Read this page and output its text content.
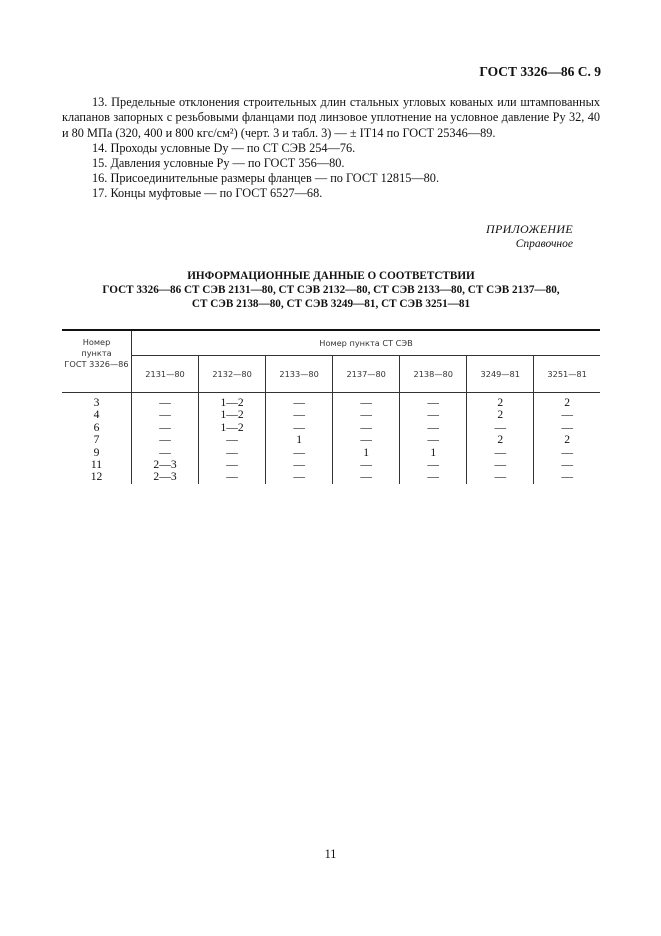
ГОСТ 3326—86 С. 9
13. Предельные отклонения строительных длин стальных угловых кованых или штампованных клапанов запорных с резьбовыми фланцами под линзовое уплотнение на условное давление Pу 32, 40 и 80 МПа (320, 400 и 800 кгс/см²) (черт. 3 и табл. 3) — ± IT14 по ГОСТ 25346—89.
14. Проходы условные Dу — по СТ СЭВ 254—76.
15. Давления условные Pу — по ГОСТ 356—80.
16. Присоединительные размеры фланцев — по ГОСТ 12815—80.
17. Концы муфтовые — по ГОСТ 6527—68.
ПРИЛОЖЕНИЕ
Справочное
ИНФОРМАЦИОННЫЕ ДАННЫЕ О СООТВЕТСТВИИ
ГОСТ 3326—86 СТ СЭВ 2131—80, СТ СЭВ 2132—80, СТ СЭВ 2133—80, СТ СЭВ 2137—80,
СТ СЭВ 2138—80, СТ СЭВ 3249—81, СТ СЭВ 3251—81
Номер
пункта
ГОСТ 3326—86	Номер пункта СТ СЭВ						
	2131—80	2132—80	2133—80	2137—80	2138—80	3249—81	3251—81
3	—	1—2	—	—	—	2	2
4	—	1—2	—	—	—	2	—
6	—	1—2	—	—	—	—	—
7	—	—	1	—	—	2	2
9	—	—	—	1	1	—	—
11	2—3	—	—	—	—	—	—
12	2—3	—	—	—	—	—	—
11
